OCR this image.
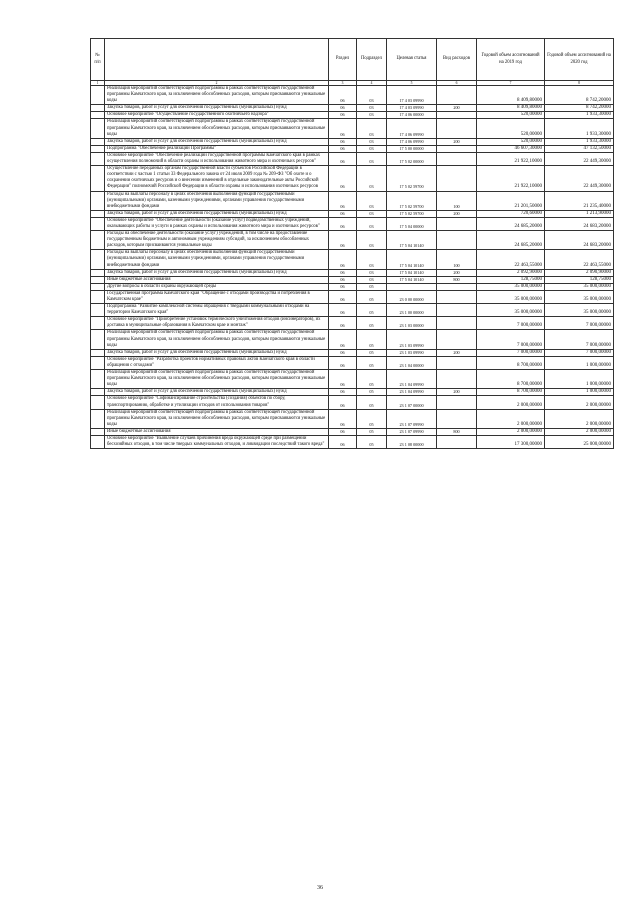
№ п/п		Раздел	Подраздел	Целевая статья	Вид расходов	Годовой объем ассигнований на 2019 год	Годовой объем ассигнований на 2020 год
1	2	3	4	5	6	7	8
	Реализация мероприятий соответствующей подпрограммы в рамках соответствующей государственной программы Камчатского края, за исключением обособленных расходов, которым присваиваются уникальные коды	06	03	17 4 03 09990		8 409,80000	8 742,20000
	Закупка товаров, работ и услуг для обеспечения государственных (муниципальных) нужд	06	03	17 4 03 09990	200	8 409,80000	8 742,20000
	Основное мероприятие "Осуществление государственного охотничьего надзора"	06	03	17 4 06 00000		520,00000	1 933,30000
	Реализация мероприятий соответствующей подпрограммы в рамках соответствующей государственной программы Камчатского края, за исключением обособленных расходов, которым присваиваются уникальные коды	06	03	17 4 06 09990		520,00000	1 933,30000
	Закупка товаров, работ и услуг для обеспечения государственных (муниципальных) нужд	06	03	17 4 06 09990	200	520,00000	1 933,30000
	Подпрограмма "Обеспечение реализации Программы"	06	03	17 5 00 00000		46 607,30000	47 132,50000
	Основное мероприятие "Обеспечение реализации государственной программы Камчатского края в рамках осуществления полномочий в области охраны и использования животного мира и охотничьих ресурсов"	06	03	17 5 02 00000		21 922,10000	22 449,30000
	Осуществление переданных органам государственной власти субъектов Российской Федерации в соответствии с частью 1 статьи 33 Федерального закона от 24 июля 2009 года № 209-ФЗ "Об охоте и о сохранении охотничьих ресурсов и о внесении изменений в отдельные законодательные акты Российской Федерации" полномочий Российской Федерации в области охраны и использования охотничьих ресурсов	06	03	17 5 02 59700		21 922,10000	22 449,30000
	Расходы на выплаты персоналу в целях обеспечения выполнения функций государственными (муниципальными) органами, казенными учреждениями, органами управления государственными внебюджетными фондами	06	03	17 5 02 59700	100	21 201,50000	21 235,40000
	Закупка товаров, работ и услуг для обеспечения государственных (муниципальных) нужд	06	03	17 5 02 59700	200	720,60000	1 213,90000
	Основное мероприятие "Обеспечение деятельности (оказание услуг) подведомственных учреждений, оказывающих работы и услуги в рамках охраны и использования животного мира и охотничьих ресурсов"	06	03	17 5 04 00000		24 685,20000	24 683,20000
	Расходы на обеспечение деятельности (оказание услуг) учреждений, в том числе на предоставление государственным бюджетным и автономным учреждениям субсидий, за исключением обособленных расходов, которым присваиваются уникальные коды	06	03	17 5 04 10140		24 685,20000	24 683,20000
	Расходы на выплаты персоналу в целях обеспечения выполнения функций государственными (муниципальными) органами, казенными учреждениями, органами управления государственными внебюджетными фондами	06	03	17 5 04 10140	100	22 463,55000	22 463,55000
	Закупка товаров, работ и услуг для обеспечения государственных (муниципальных) нужд	06	03	17 5 04 10140	200	2 092,90000	2 090,90000
	Иные бюджетные ассигнования	06	03	17 5 04 10140	800	128,75000	128,75000
	Другие вопросы в области охраны окружающей среды	06	05			35 000,00000	35 000,00000
	Государственная программа Камчатского края "Обращение с отходами производства и потребления в Камчатском крае"	06	05	23 0 00 00000		35 000,00000	35 000,00000
	Подпрограмма "Развитие комплексной системы обращения с твердыми коммунальными отходами на территории Камчатского края"	06	05	23 1 00 00000		35 000,00000	35 000,00000
	Основное мероприятие "Приобретение установок термического уничтожения отходов (инсинераторов), их доставка в муниципальные образования в Камчатском крае и монтаж"	06	05	23 1 03 00000		7 000,00000	7 000,00000
	Реализация мероприятий соответствующей подпрограммы в рамках соответствующей государственной программы Камчатского края, за исключением обособленных расходов, которым присваиваются уникальные коды	06	05	23 1 03 09990		7 000,00000	7 000,00000
	Закупка товаров, работ и услуг для обеспечения государственных (муниципальных) нужд	06	05	23 1 03 09990	200	7 000,00000	7 000,00000
	Основное мероприятие "Разработка проектов нормативных правовых актов Камчатского края в области обращения с отходами"	06	05	23 1 04 00000		8 700,00000	1 000,00000
	Реализация мероприятий соответствующей подпрограммы в рамках соответствующей государственной программы Камчатского края, за исключением обособленных расходов, которым присваиваются уникальные коды	06	05	23 1 04 09990		8 700,00000	1 000,00000
	Закупка товаров, работ и услуг для обеспечения государственных (муниципальных) нужд	06	05	23 1 04 09990	200	8 700,00000	1 000,00000
	Основное мероприятие "Софинансирование строительства (создания) объектов по сбору, транспортированию, обработке и утилизации отходов от использования товаров"	06	05	23 1 07 00000		2 000,00000	2 000,00000
	Реализация мероприятий соответствующей подпрограммы в рамках соответствующей государственной программы Камчатского края, за исключением обособленных расходов, которым присваиваются уникальные коды	06	05	23 1 07 09990		2 000,00000	2 000,00000
	Иные бюджетные ассигнования	06	05	23 1 07 09990	800	2 000,00000	2 000,00000
	Основное мероприятие "Выявление случаев причинения вреда окружающей среде при размещении бесхозяйных отходов, в том числе твердых коммунальных отходов, и ликвидации последствий такого вреда"	06	05	23 1 08 00000		17 300,00000	25 000,00000
36
